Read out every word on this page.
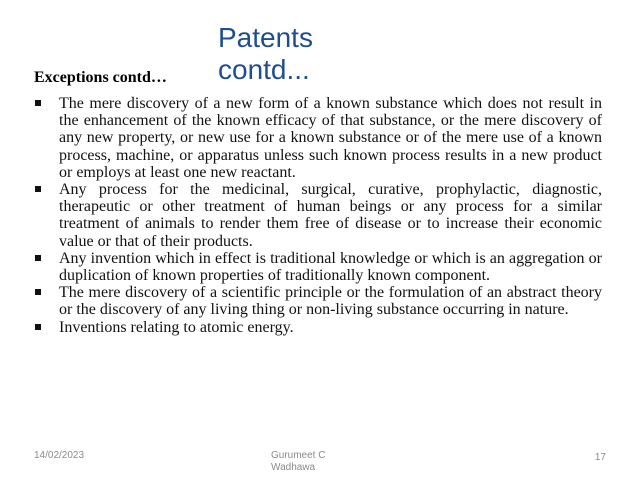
Patents contd...
Exceptions contd…
The mere discovery of a new form of a known substance which does not result in the enhancement of the known efficacy of that substance, or the mere discovery of any new property, or new use for a known substance or of the mere use of a known process, machine, or apparatus unless such known process results in a new product or employs at least one new reactant.
Any process for the medicinal, surgical, curative, prophylactic, diagnostic, therapeutic or other treatment of human beings or any process for a similar treatment of animals to render them free of disease or to increase their economic value or that of their products.
Any invention which in effect is traditional knowledge or which is an aggregation or duplication of known properties of traditionally known component.
The mere discovery of a scientific principle or the formulation of an abstract theory or the discovery of any living thing or non-living substance occurring in nature.
Inventions relating to atomic energy.
14/02/2023	Gurumeet C Wadhawa
17
